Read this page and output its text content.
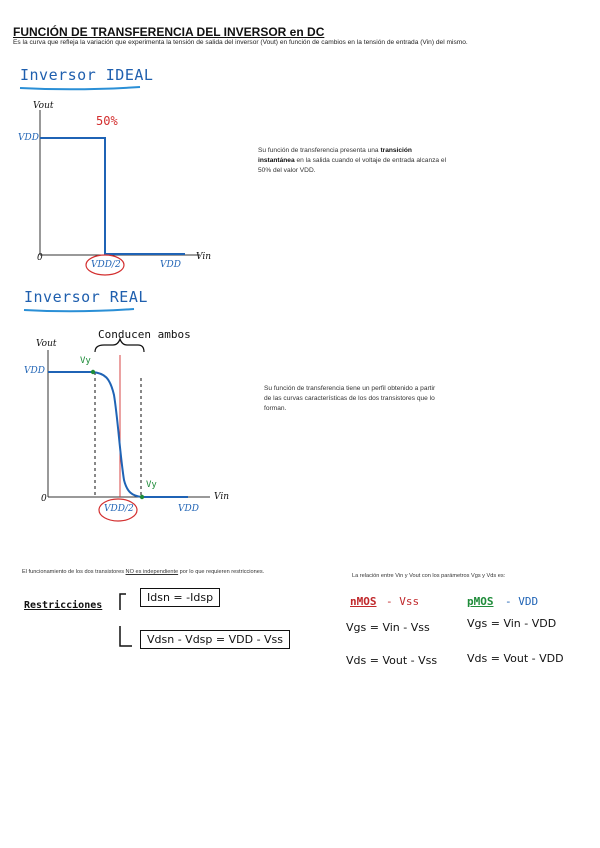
FUNCIÓN DE TRANSFERENCIA DEL INVERSOR en DC
Es la curva que refleja la variación que experimenta la tensión de salida del inversor (Vout) en función de cambios en la tensión de entrada (Vin) del mismo.
Inversor IDEAL
50%
Vout
VDD
0
VDD/2	VDD
Vin
Su función de transferencia presenta una transición instantánea en la salida cuando el voltaje de entrada alcanza el 50% del valor VDD.
Inversor REAL
Conducen ambos
Vout
VDD
Vy
Vy
0
VDD/2	VDD
Vin
Su función de transferencia tiene un perfil obtenido a partir de las curvas características de los dos transistores que lo forman.
El funcionamiento de los dos transistores NO es independiente por lo que requieren restricciones.
Restricciones
Idsn = -Idsp
Vdsn - Vdsp = VDD - Vss
La relación entre Vin y Vout con los parámetros Vgs y Vds es:
nMOS - Vss
Vgs = Vin - Vss
Vds = Vout - Vss
pMOS - VDD
Vgs = Vin - VDD
Vds = Vout - VDD
